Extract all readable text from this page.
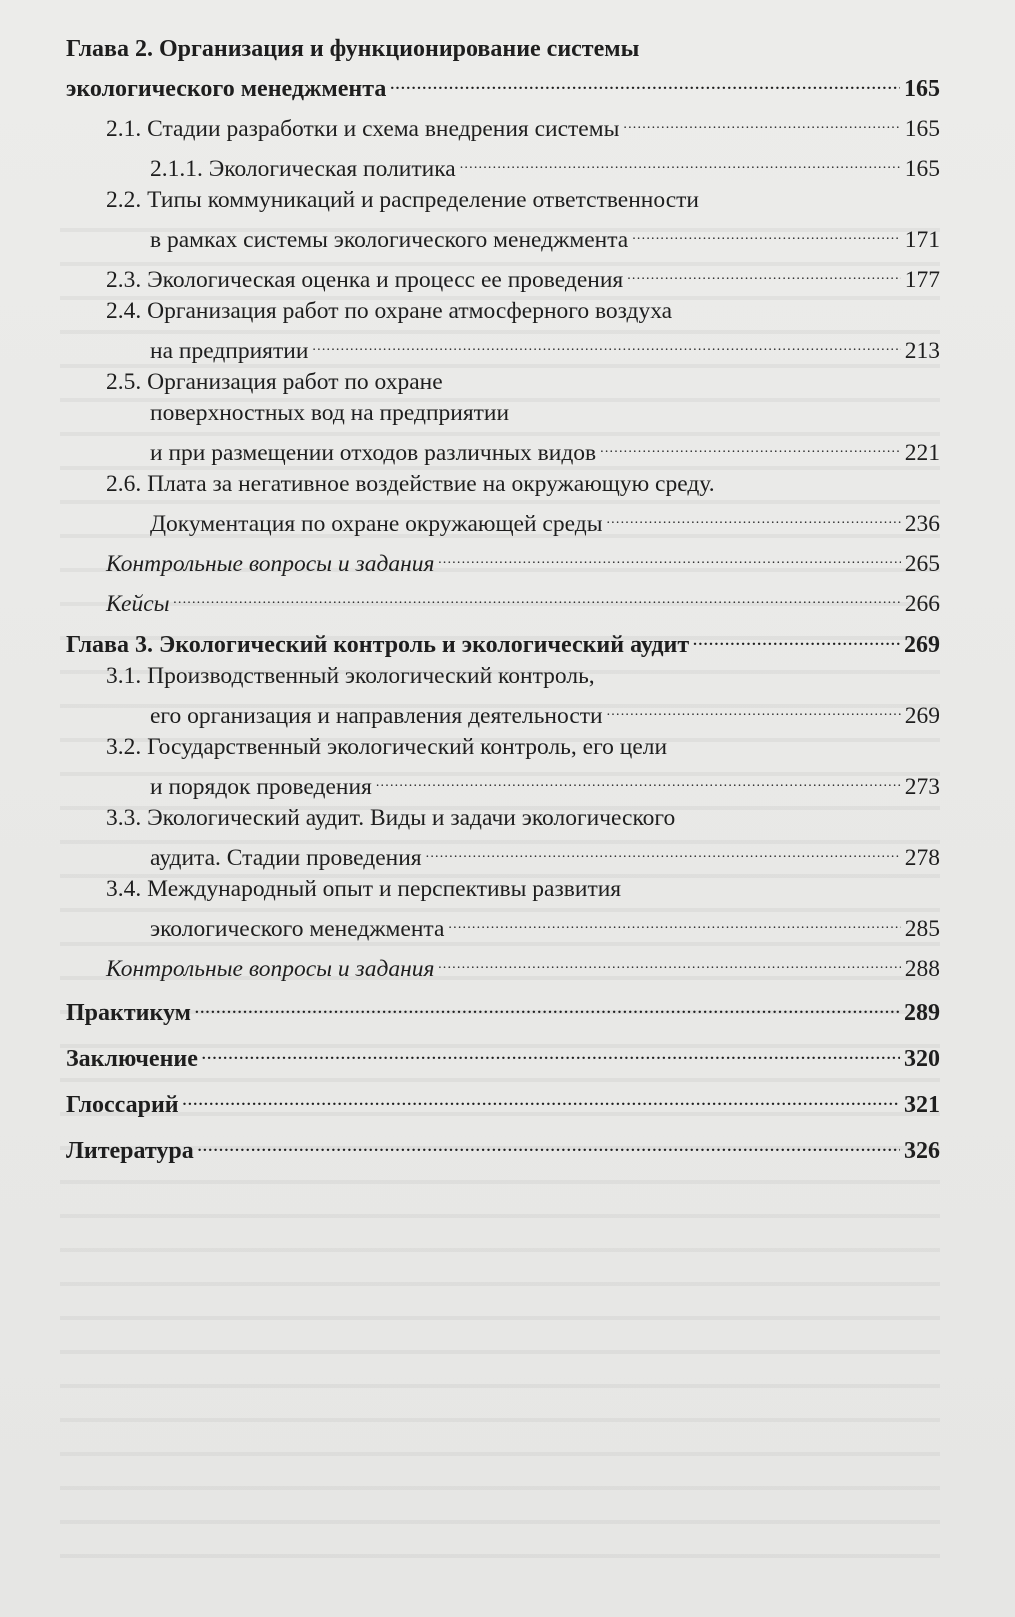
Глава 2. Организация и функционирование системы
экологического менеджмента .....	165
2.1. Стадии разработки и схема внедрения системы .....	165
2.1.1. Экологическая политика .....	165
2.2. Типы коммуникаций и распределение ответственности
в рамках системы экологического менеджмента .....	171
2.3. Экологическая оценка и процесс ее проведения .....	177
2.4. Организация работ по охране атмосферного воздуха
на предприятии .....	213
2.5. Организация работ по охране
поверхностных вод на предприятии
и при размещении отходов различных видов .....	221
2.6. Плата за негативное воздействие на окружающую среду.
Документация по охране окружающей среды .....	236
Контрольные вопросы и задания .....	265
Кейсы .....	266
Глава 3. Экологический контроль и экологический аудит .....	269
3.1. Производственный экологический контроль,
его организация и направления деятельности .....	269
3.2. Государственный экологический контроль, его цели
и порядок проведения .....	273
3.3. Экологический аудит. Виды и задачи экологического
аудита. Стадии проведения .....	278
3.4. Международный опыт и перспективы развития
экологического менеджмента .....	285
Контрольные вопросы и задания .....	288
Практикум .....	289
Заключение .....	320
Глоссарий .....	321
Литература .....	326
